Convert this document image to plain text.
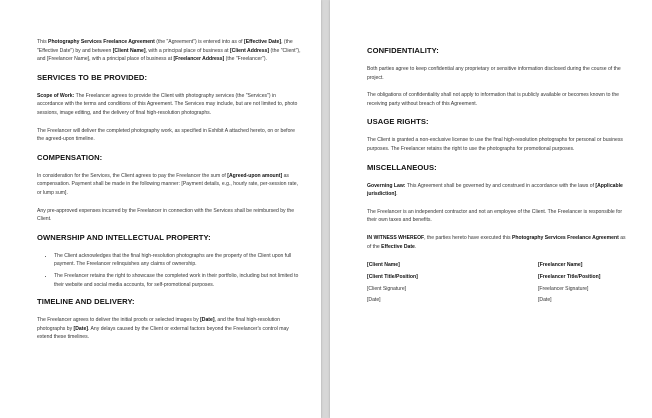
This Photography Services Freelance Agreement (the "Agreement") is entered into as of [Effective Date], (the "Effective Date") by and between [Client Name], with a principal place of business at [Client Address] (the "Client"), and [Freelancer Name], with a principal place of business at [Freelancer Address] (the "Freelancer").

SERVICES TO BE PROVIDED:

Scope of Work: The Freelancer agrees to provide the Client with photography services (the "Services") in accordance with the terms and conditions of this Agreement. The Services may include, but are not limited to, photo sessions, image editing, and the delivery of final high-resolution photographs.

The Freelancer will deliver the completed photography work, as specified in Exhibit A attached hereto, on or before the agreed-upon timeline.

COMPENSATION:

In consideration for the Services, the Client agrees to pay the Freelancer the sum of [Agreed-upon amount] as compensation. Payment shall be made in the following manner: [Payment details, e.g., hourly rate, per-session rate, or lump sum].

Any pre-approved expenses incurred by the Freelancer in connection with the Services shall be reimbursed by the Client.

OWNERSHIP AND INTELLECTUAL PROPERTY:
• The Client acknowledges that the final high-resolution photographs are the property of the Client upon full payment. The Freelancer relinquishes any claims of ownership.
• The Freelancer retains the right to showcase the completed work in their portfolio, including but not limited to their website and social media accounts, for self-promotional purposes.
TIMELINE AND DELIVERY:

The Freelancer agrees to deliver the initial proofs or selected images by [Date], and the final high-resolution photographs by [Date]. Any delays caused by the Client or external factors beyond the Freelancer's control may extend these timelines.

CONFIDENTIALITY:

Both parties agree to keep confidential any proprietary or sensitive information disclosed during the course of the project.

The obligations of confidentiality shall not apply to information that is publicly available or becomes known to the receiving party without breach of this Agreement.

USAGE RIGHTS:

The Client is granted a non-exclusive license to use the final high-resolution photographs for personal or business purposes. The Freelancer retains the right to use the photographs for promotional purposes.

MISCELLANEOUS:

Governing Law: This Agreement shall be governed by and construed in accordance with the laws of [Applicable jurisdiction].

The Freelancer is an independent contractor and not an employee of the Client. The Freelancer is responsible for their own taxes and benefits.

IN WITNESS WHEREOF, the parties hereto have executed this Photography Services Freelance Agreement as of the Effective Date.

[Client Name]	[Freelancer Name]
[Client Title/Position]	[Freelancer Title/Position]
[Client Signature]	[Freelancer Signature]
[Date]	[Date]
